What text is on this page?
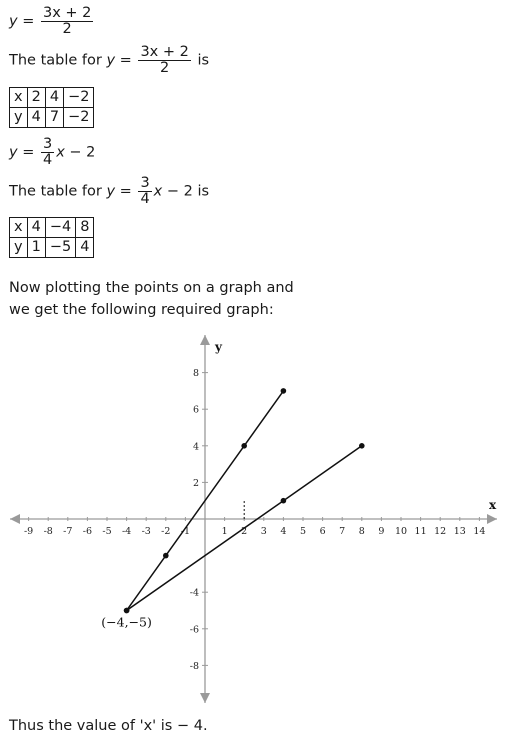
$y = \frac{3x + 2}{2}$
The table for $y = \frac{3x + 2}{2}$ is
x	2	4	−2
y	4	7	−2
$y = \frac{3}{4}$ x − 2
The table for $y = \frac{3}{4}$ x − 2 is
x	4	−4	8
y	1	−5	4
Now plotting the points on a graph and
we get the following required graph:
x
y
-9 -8 -7 -6 -5 -4 -3 -2 -1	1 2 3 4 5 6 7 8 9 10 11 12 13 14
8
6
4
2
-4
-6
-8
(−4,−5)
Thus the value of 'x' is − 4.
